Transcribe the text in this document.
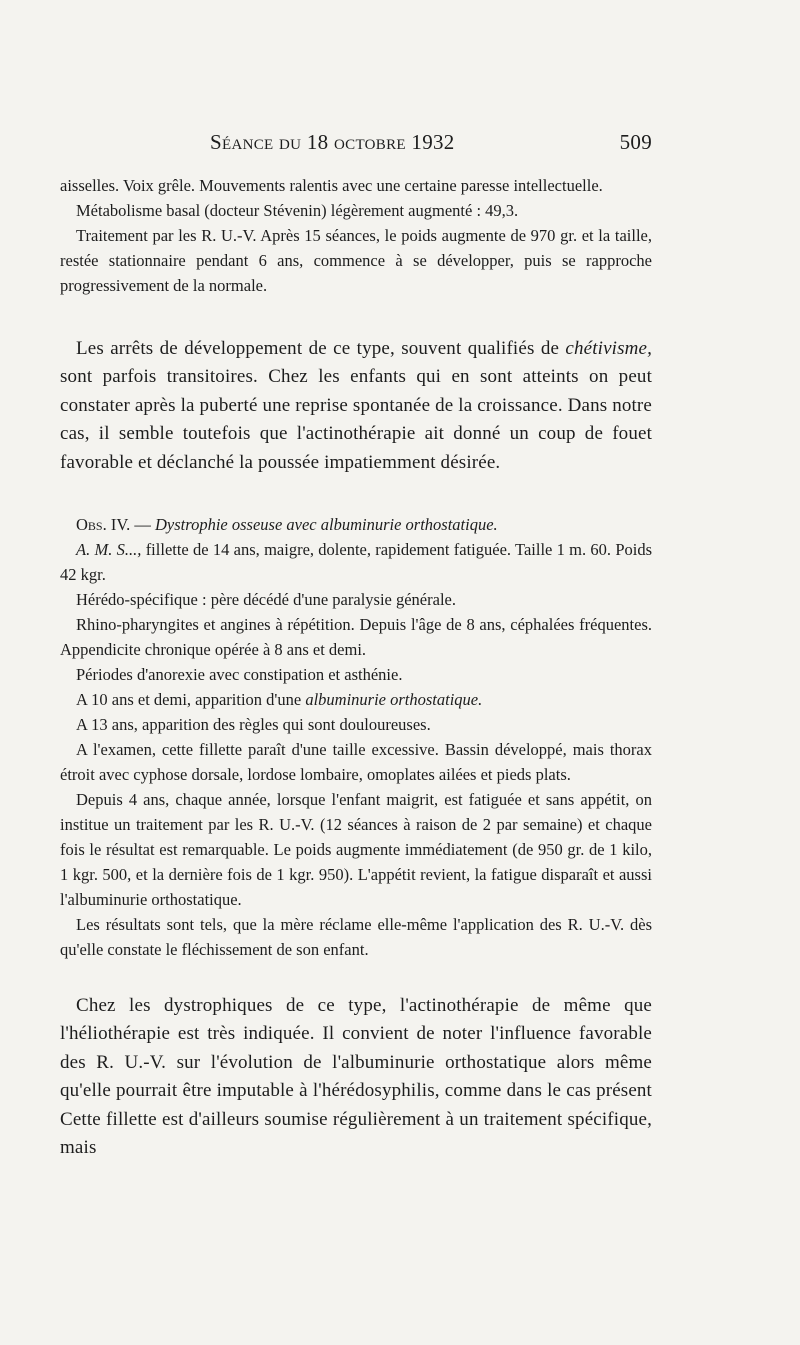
Séance du 18 octobre 1932	509

aisselles. Voix grêle. Mouvements ralentis avec une certaine paresse intellectuelle.

Métabolisme basal (docteur Stévenin) légèrement augmenté : 49,3.

Traitement par les R. U.-V. Après 15 séances, le poids augmente de 970 gr. et la taille, restée stationnaire pendant 6 ans, commence à se développer, puis se rapproche progressivement de la normale.

Les arrêts de développement de ce type, souvent qualifiés de chétivisme, sont parfois transitoires. Chez les enfants qui en sont atteints on peut constater après la puberté une reprise spontanée de la croissance. Dans notre cas, il semble toutefois que l'actinothérapie ait donné un coup de fouet favorable et déclanché la poussée impatiemment désirée.

Obs. IV. — Dystrophie osseuse avec albuminurie orthostatique.

A. M. S..., fillette de 14 ans, maigre, dolente, rapidement fatiguée. Taille 1 m. 60. Poids 42 kgr.

Hérédo-spécifique : père décédé d'une paralysie générale.

Rhino-pharyngites et angines à répétition. Depuis l'âge de 8 ans, céphalées fréquentes. Appendicite chronique opérée à 8 ans et demi.

Périodes d'anorexie avec constipation et asthénie.

A 10 ans et demi, apparition d'une albuminurie orthostatique.

A 13 ans, apparition des règles qui sont douloureuses.

A l'examen, cette fillette paraît d'une taille excessive. Bassin développé, mais thorax étroit avec cyphose dorsale, lordose lombaire, omoplates ailées et pieds plats.

Depuis 4 ans, chaque année, lorsque l'enfant maigrit, est fatiguée et sans appétit, on institue un traitement par les R. U.-V. (12 séances à raison de 2 par semaine) et chaque fois le résultat est remarquable. Le poids augmente immédiatement (de 950 gr. de 1 kilo, 1 kgr. 500, et la dernière fois de 1 kgr. 950). L'appétit revient, la fatigue disparaît et aussi l'albuminurie orthostatique.

Les résultats sont tels, que la mère réclame elle-même l'application des R. U.-V. dès qu'elle constate le fléchissement de son enfant.

Chez les dystrophiques de ce type, l'actinothérapie de même que l'héliothérapie est très indiquée. Il convient de noter l'influence favorable des R. U.-V. sur l'évolution de l'albuminurie orthostatique alors même qu'elle pourrait être imputable à l'hérédosyphilis, comme dans le cas présent Cette fillette est d'ailleurs soumise régulièrement à un traitement spécifique, mais
